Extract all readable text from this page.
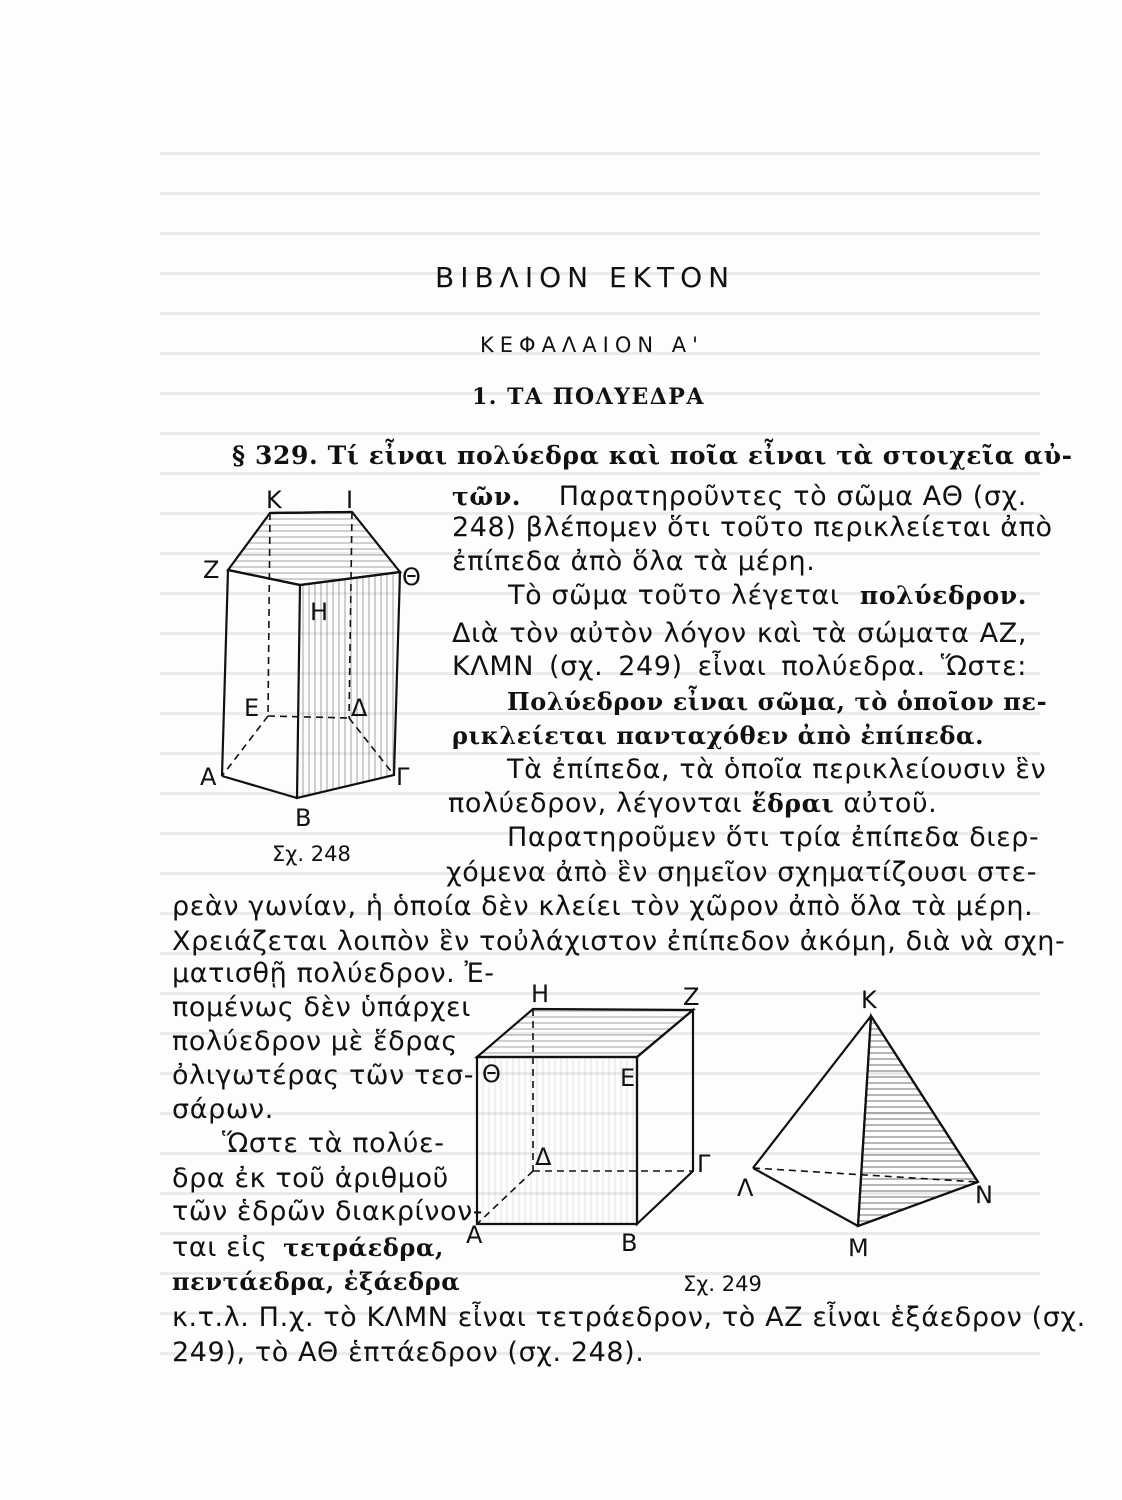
ΒΙΒΛΙΟΝ ΕΚΤΟΝ
ΚΕΦΑΛΑΙΟΝ Α'
1. ΤΑ ΠΟΛΥΕΔΡΑ
§ 329. Τί εἶναι πολύεδρα καὶ ποῖα εἶναι τὰ στοιχεῖα αὐ-
τῶν. Παρατηροῦντες τὸ σῶμα ΑΘ (σχ.
248) βλέπομεν ὅτι τοῦτο περικλείεται ἀπὸ
ἐπίπεδα ἀπὸ ὅλα τὰ μέρη.
Τὸ σῶμα τοῦτο λέγεται πολύεδρον.
Διὰ τὸν αὐτὸν λόγον καὶ τὰ σώματα ΑΖ,
ΚΛΜΝ (σχ. 249) εἶναι πολύεδρα. Ὥστε:
Πολύεδρον εἶναι σῶμα, τὸ ὁποῖον πε-
ρικλείεται πανταχόθεν ἀπὸ ἐπίπεδα.
Τὰ ἐπίπεδα, τὰ ὁποῖα περικλείουσιν ἓν
πολύεδρον, λέγονται ἕδραι αὐτοῦ.
Παρατηροῦμεν ὅτι τρία ἐπίπεδα διερ-
χόμενα ἀπὸ ἓν σημεῖον σχηματίζουσι στε-
ρεὰν γωνίαν, ἡ ὁποία δὲν κλείει τὸν χῶρον ἀπὸ ὅλα τὰ μέρη.
Χρειάζεται λοιπὸν ἓν τοὐλάχιστον ἐπίπεδον ἀκόμη, διὰ νὰ σχη-
ματισθῇ πολύεδρον. Ἐ-
πομένως δὲν ὑπάρχει
πολύεδρον μὲ ἕδρας
ὀλιγωτέρας τῶν τεσ-
σάρων.
Ὥστε τὰ πολύε-
δρα ἐκ τοῦ ἀριθμοῦ
τῶν ἑδρῶν διακρίνον-
ται εἰς τετράεδρα,
πεντάεδρα, ἑξάεδρα
κ.τ.λ. Π.χ. τὸ ΚΛΜΝ εἶναι τετράεδρον, τὸ ΑΖ εἶναι ἑξάεδρον (σχ.
249), τὸ ΑΘ ἑπτάεδρον (σχ. 248).
Κ	Ι
Ζ	Θ
Η
Ε	Δ
Α	Γ
Β
Σχ. 248
Η	Ζ
Θ	Ε
Δ	Γ
Α	Β
Σχ. 249
Κ
Λ	Ν
Μ
